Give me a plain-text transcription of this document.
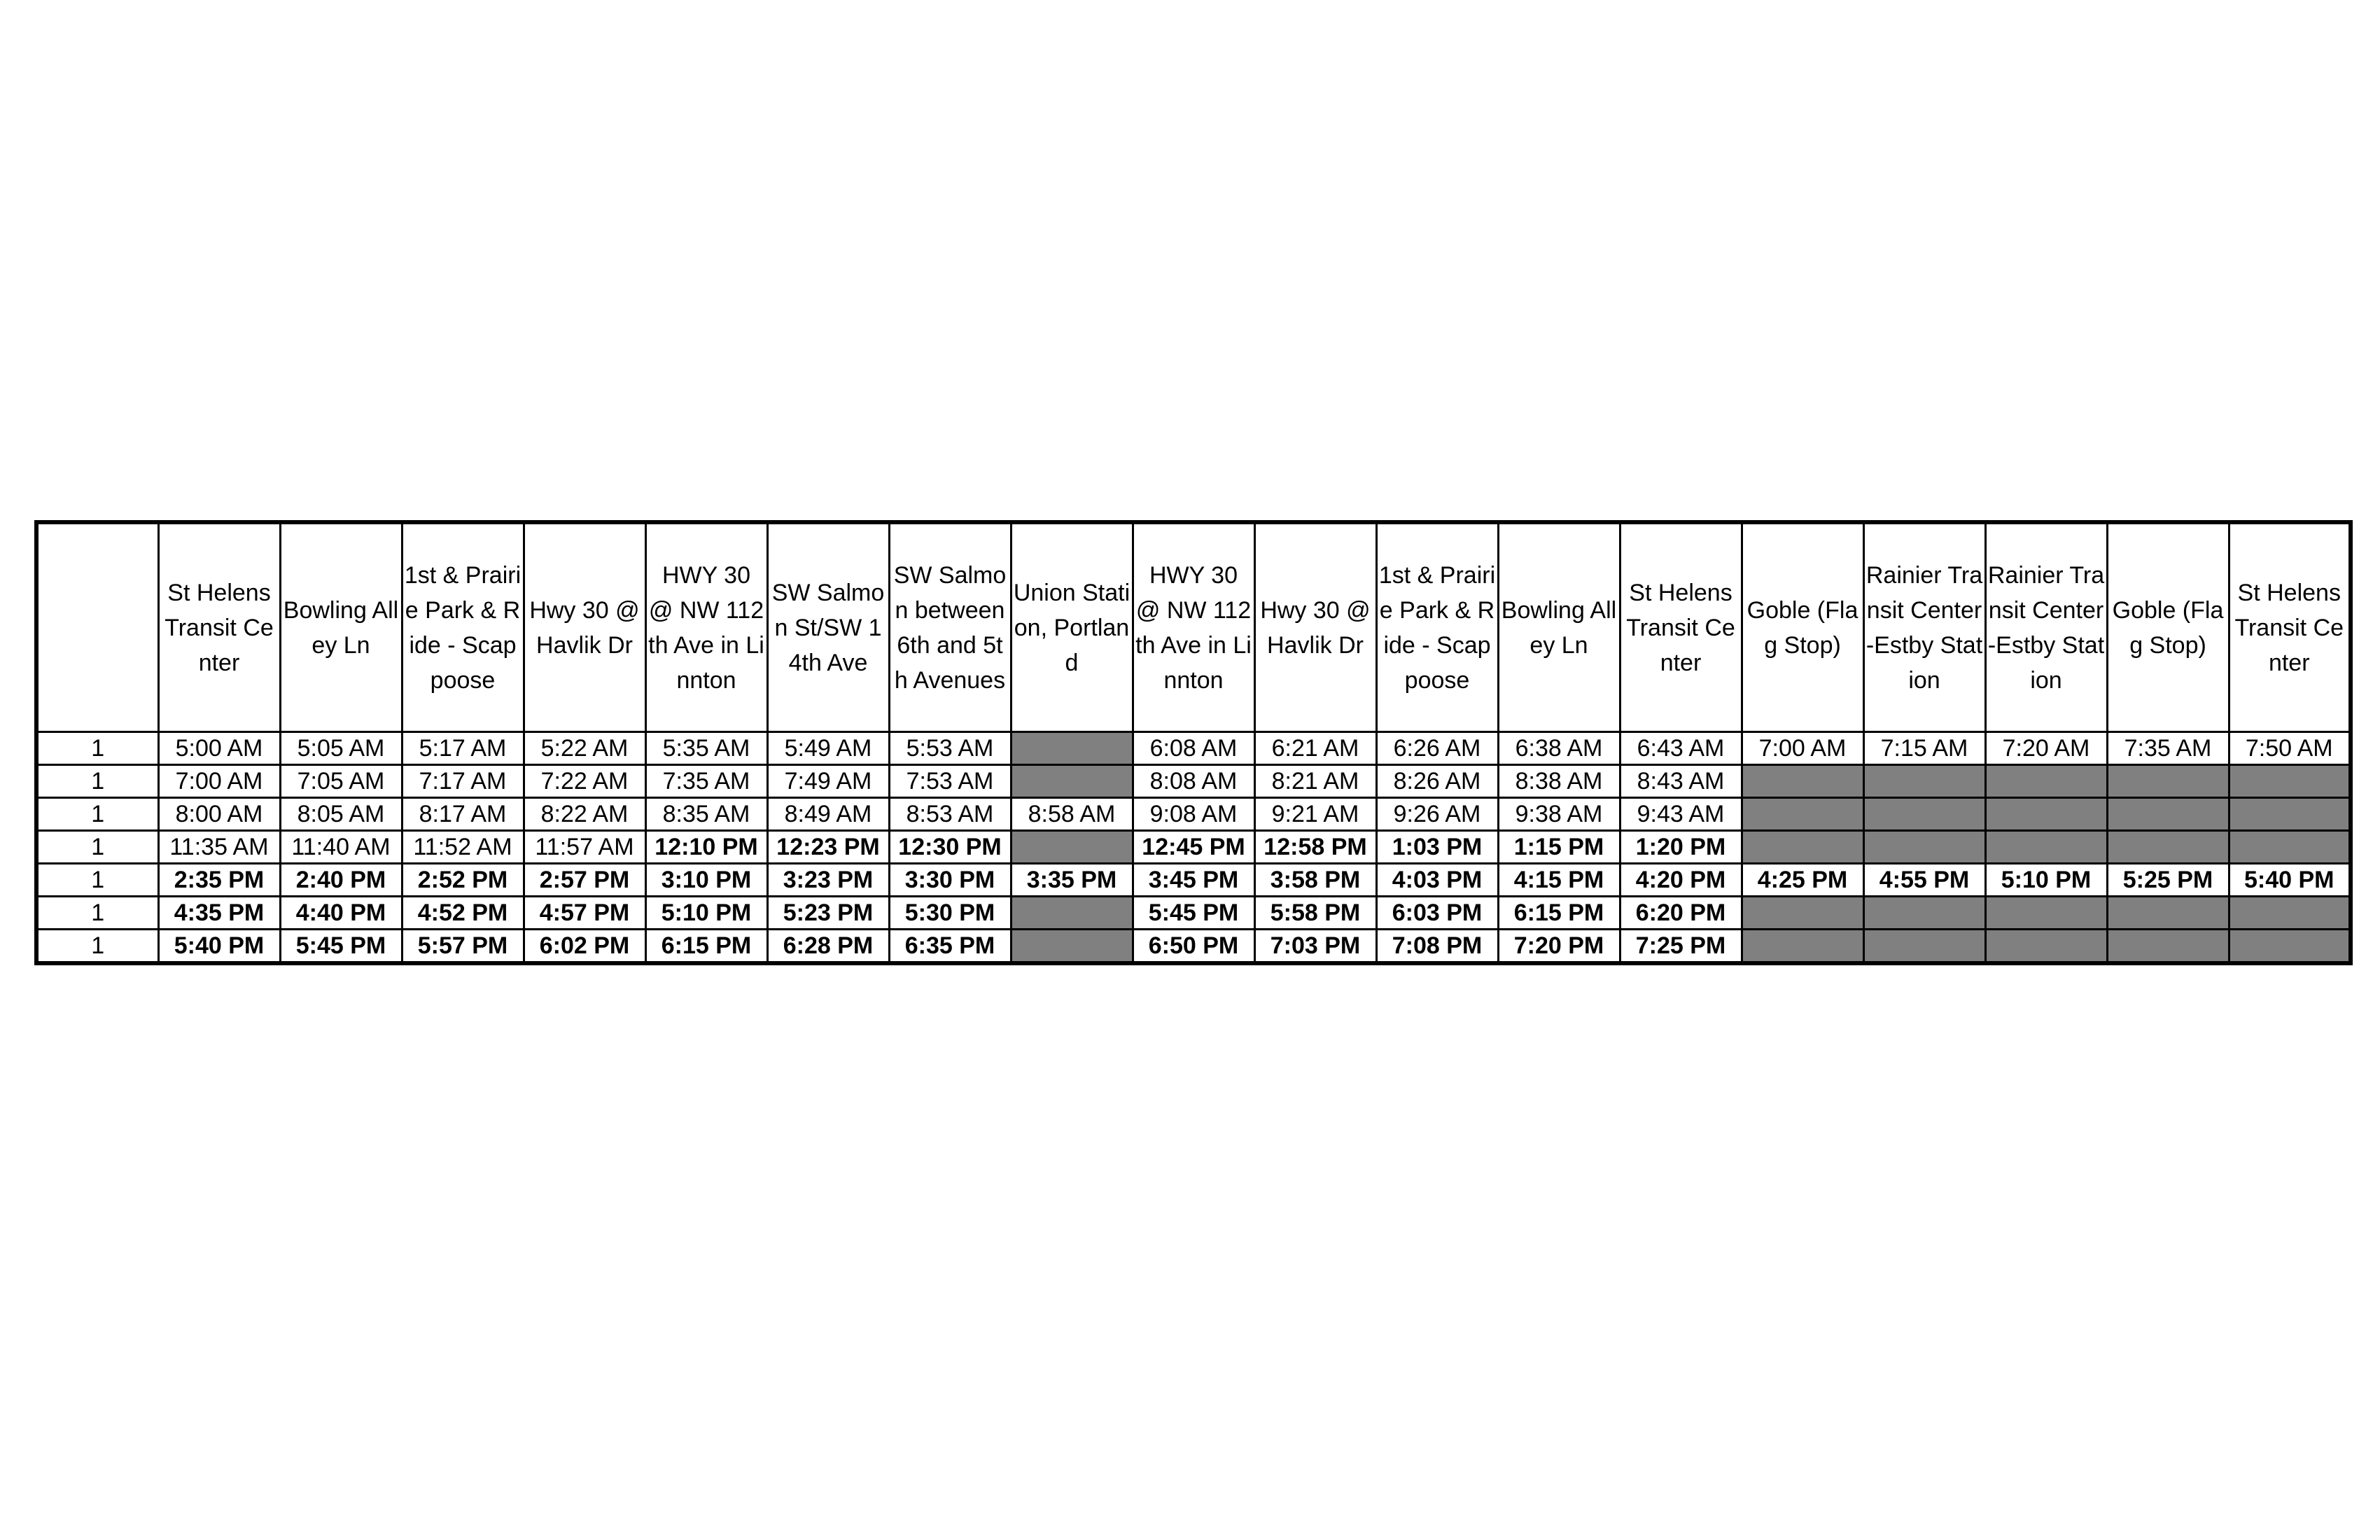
	St Helens Transit Center	Bowling Alley Ln	1st & Prairie Park & Ride - Scappoose	Hwy 30 @ Havlik Dr	HWY 30 @ NW 112th Ave in Linnton	SW Salmon St/SW 14th Ave	SW Salmon between 6th and 5th Avenues	Union Station, Portland	HWY 30 @ NW 112th Ave in Linnton	Hwy 30 @ Havlik Dr	1st & Prairie Park & Ride - Scappoose	Bowling Alley Ln	St Helens Transit Center	Goble (Flag Stop)	Rainier Transit Center-Estby Station	Rainier Transit Center-Estby Station	Goble (Flag Stop)	St Helens Transit Center
1	5:00 AM	5:05 AM	5:17 AM	5:22 AM	5:35 AM	5:49 AM	5:53 AM		6:08 AM	6:21 AM	6:26 AM	6:38 AM	6:43 AM	7:00 AM	7:15 AM	7:20 AM	7:35 AM	7:50 AM
1	7:00 AM	7:05 AM	7:17 AM	7:22 AM	7:35 AM	7:49 AM	7:53 AM		8:08 AM	8:21 AM	8:26 AM	8:38 AM	8:43 AM					
1	8:00 AM	8:05 AM	8:17 AM	8:22 AM	8:35 AM	8:49 AM	8:53 AM	8:58 AM	9:08 AM	9:21 AM	9:26 AM	9:38 AM	9:43 AM					
1	11:35 AM	11:40 AM	11:52 AM	11:57 AM	12:10 PM	12:23 PM	12:30 PM		12:45 PM	12:58 PM	1:03 PM	1:15 PM	1:20 PM					
1	2:35 PM	2:40 PM	2:52 PM	2:57 PM	3:10 PM	3:23 PM	3:30 PM	3:35 PM	3:45 PM	3:58 PM	4:03 PM	4:15 PM	4:20 PM	4:25 PM	4:55 PM	5:10 PM	5:25 PM	5:40 PM
1	4:35 PM	4:40 PM	4:52 PM	4:57 PM	5:10 PM	5:23 PM	5:30 PM		5:45 PM	5:58 PM	6:03 PM	6:15 PM	6:20 PM					
1	5:40 PM	5:45 PM	5:57 PM	6:02 PM	6:15 PM	6:28 PM	6:35 PM		6:50 PM	7:03 PM	7:08 PM	7:20 PM	7:25 PM					
